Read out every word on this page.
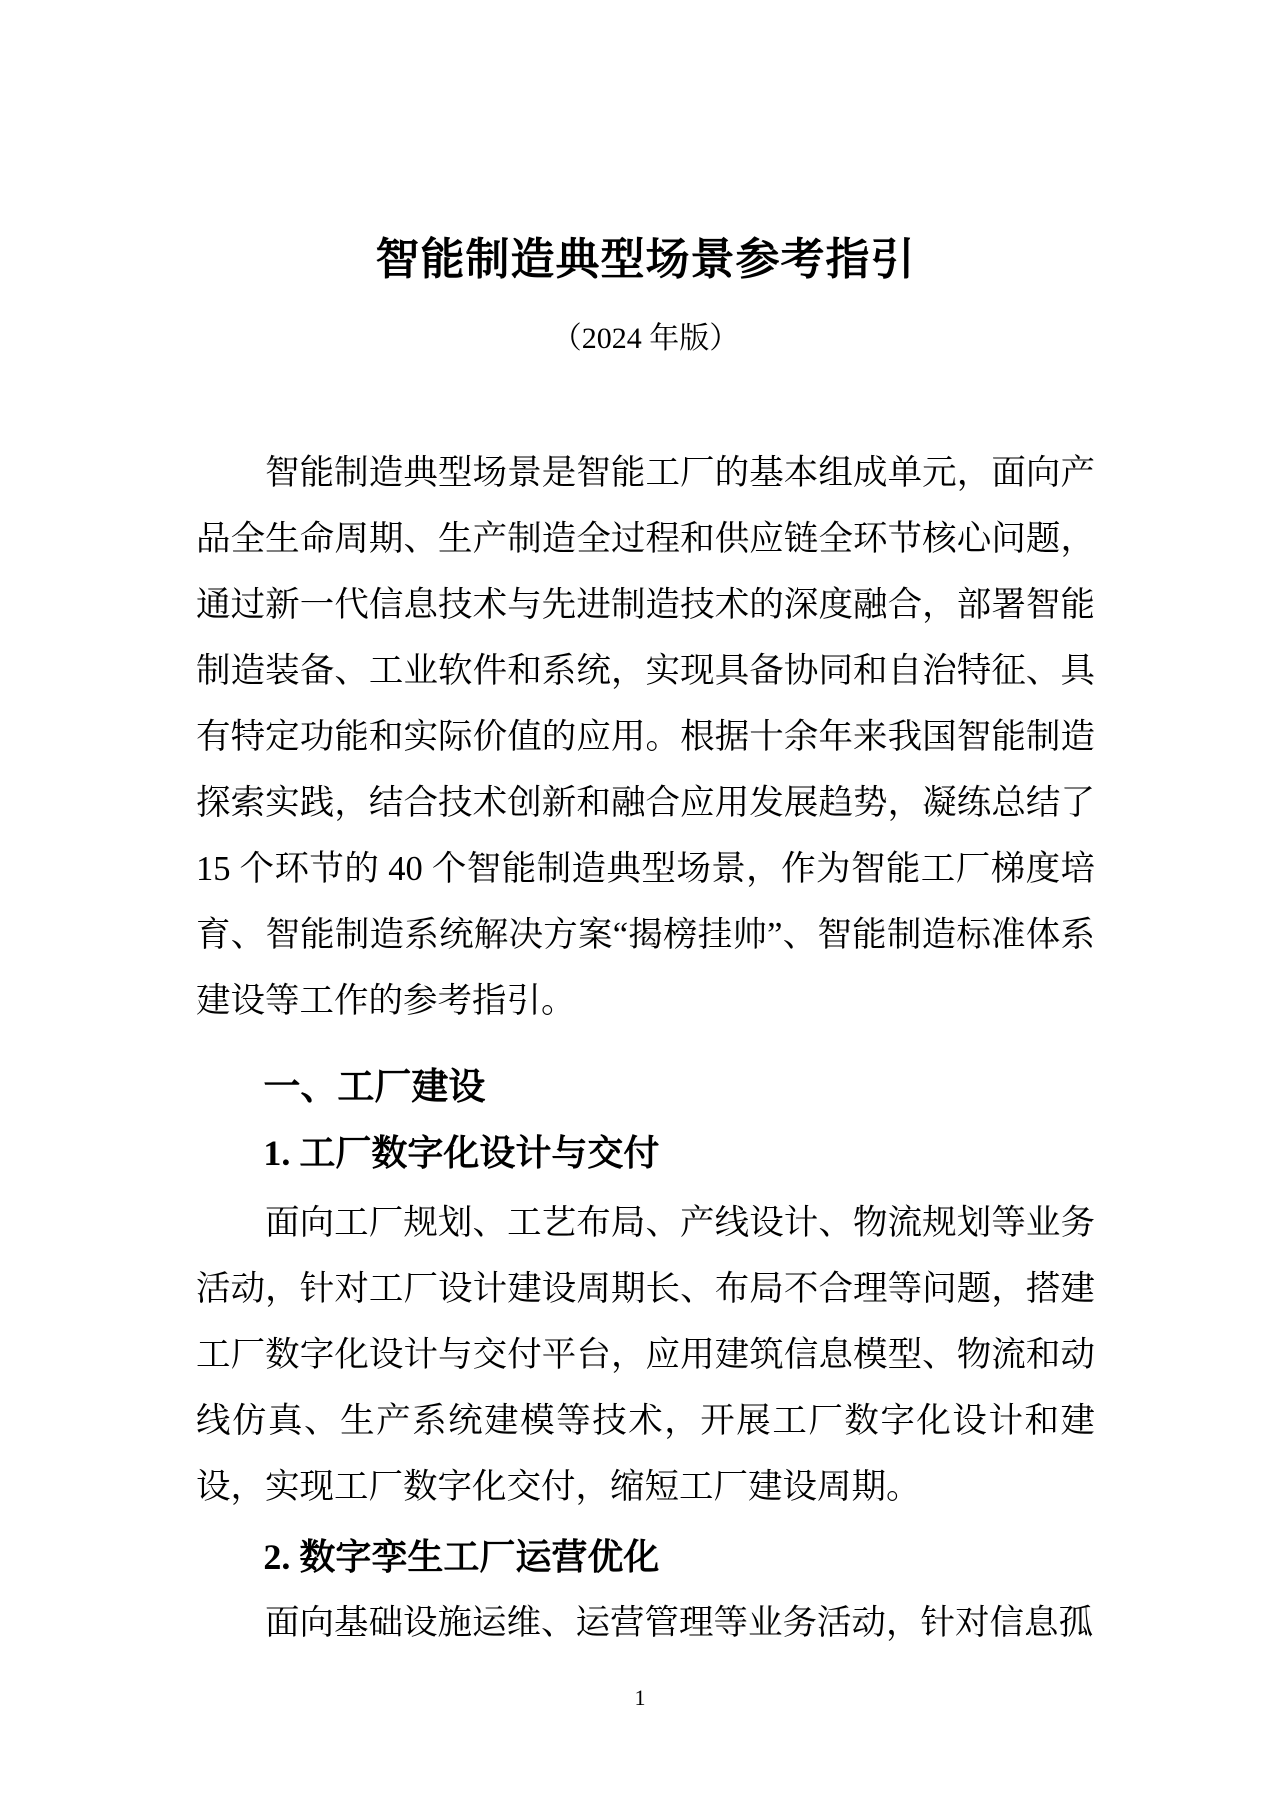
智能制造典型场景参考指引
（2024 年版）

智能制造典型场景是智能工厂的基本组成单元，面向产品全生命周期、生产制造全过程和供应链全环节核心问题，通过新一代信息技术与先进制造技术的深度融合，部署智能制造装备、工业软件和系统，实现具备协同和自治特征、具有特定功能和实际价值的应用。根据十余年来我国智能制造探索实践，结合技术创新和融合应用发展趋势，凝练总结了 15 个环节的 40 个智能制造典型场景，作为智能工厂梯度培育、智能制造系统解决方案“揭榜挂帅”、智能制造标准体系建设等工作的参考指引。

一、工厂建设
1. 工厂数字化设计与交付

面向工厂规划、工艺布局、产线设计、物流规划等业务活动，针对工厂设计建设周期长、布局不合理等问题，搭建工厂数字化设计与交付平台，应用建筑信息模型、物流和动线仿真、生产系统建模等技术，开展工厂数字化设计和建设，实现工厂数字化交付，缩短工厂建设周期。

2. 数字孪生工厂运营优化

面向基础设施运维、运营管理等业务活动，针对信息孤

1
